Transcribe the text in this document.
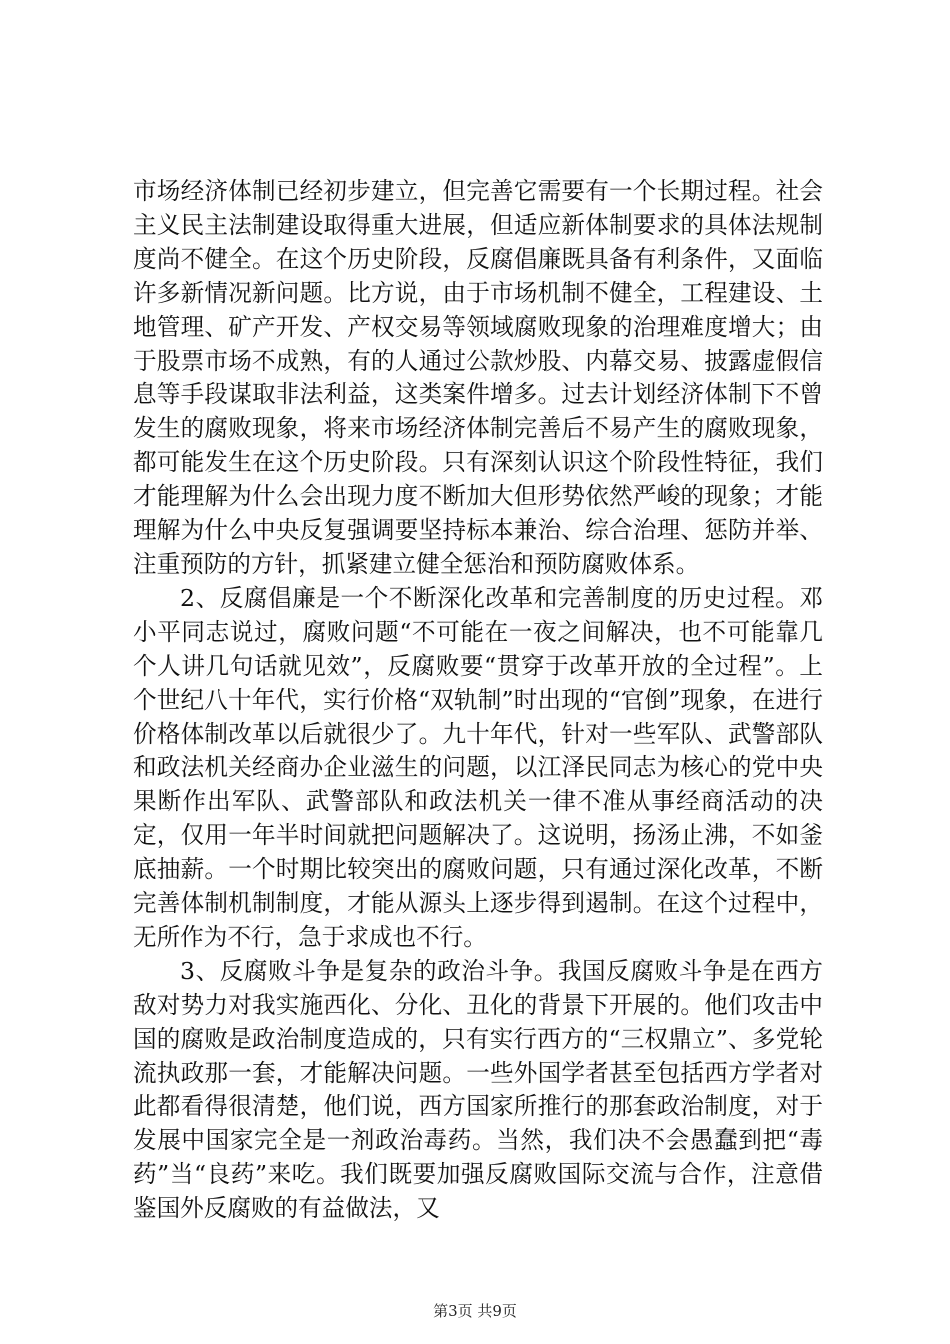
市场经济体制已经初步建立，但完善它需要有一个长期过程。社会主义民主法制建设取得重大进展，但适应新体制要求的具体法规制度尚不健全。在这个历史阶段，反腐倡廉既具备有利条件，又面临许多新情况新问题。比方说，由于市场机制不健全，工程建设、土地管理、矿产开发、产权交易等领域腐败现象的治理难度增大；由于股票市场不成熟，有的人通过公款炒股、内幕交易、披露虚假信息等手段谋取非法利益，这类案件增多。过去计划经济体制下不曾发生的腐败现象，将来市场经济体制完善后不易产生的腐败现象，都可能发生在这个历史阶段。只有深刻认识这个阶段性特征，我们才能理解为什么会出现力度不断加大但形势依然严峻的现象；才能理解为什么中央反复强调要坚持标本兼治、综合治理、惩防并举、注重预防的方针，抓紧建立健全惩治和预防腐败体系。

2、反腐倡廉是一个不断深化改革和完善制度的历史过程。邓小平同志说过，腐败问题“不可能在一夜之间解决，也不可能靠几个人讲几句话就见效”，反腐败要“贯穿于改革开放的全过程”。上个世纪八十年代，实行价格“双轨制”时出现的“官倒”现象，在进行价格体制改革以后就很少了。九十年代，针对一些军队、武警部队和政法机关经商办企业滋生的问题，以江泽民同志为核心的党中央果断作出军队、武警部队和政法机关一律不准从事经商活动的决定，仅用一年半时间就把问题解决了。这说明，扬汤止沸，不如釜底抽薪。一个时期比较突出的腐败问题，只有通过深化改革，不断完善体制机制制度，才能从源头上逐步得到遏制。在这个过程中，无所作为不行，急于求成也不行。

3、反腐败斗争是复杂的政治斗争。我国反腐败斗争是在西方敌对势力对我实施西化、分化、丑化的背景下开展的。他们攻击中国的腐败是政治制度造成的，只有实行西方的“三权鼎立”、多党轮流执政那一套，才能解决问题。一些外国学者甚至包括西方学者对此都看得很清楚，他们说，西方国家所推行的那套政治制度，对于发展中国家完全是一剂政治毒药。当然，我们决不会愚蠢到把“毒药”当“良药”来吃。我们既要加强反腐败国际交流与合作，注意借鉴国外反腐败的有益做法，又

第3页 共9页
